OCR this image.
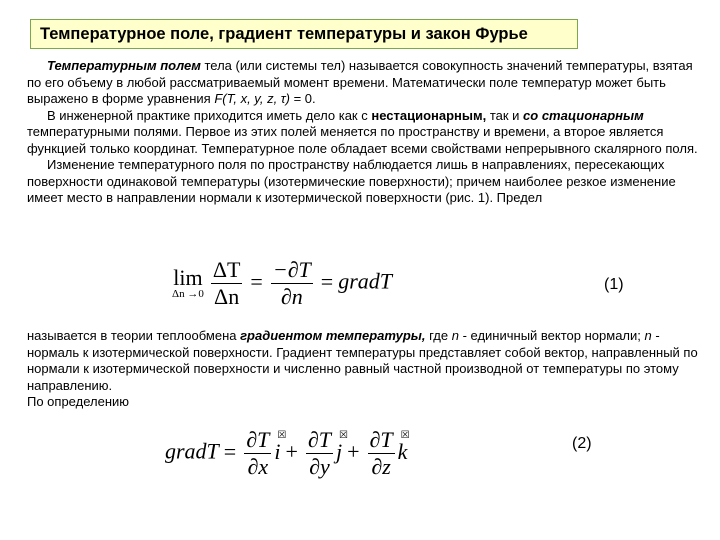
Температурное поле, градиент температуры и закон Фурье

Температурным полем тела (или системы тел) называется совокупность значений температуры, взятая по его объему в любой рассматриваемый момент времени. Математически поле температур может быть выражено в форме уравнения F(T, x, y, z, τ) = 0.

В инженерной практике приходится иметь дело как с нестационарным, так и со стационарным температурными полями. Первое из этих полей меняется по пространству и времени, а второе является функцией только координат. Температурное поле обладает всеми свойствами непрерывного скалярного поля.

Изменение температурного поля по пространству наблюдается лишь в направлениях, пересекающих поверхности одинаковой температуры (изотермические поверхности); причем наиболее резкое изменение имеет место в направлении нормали к изотермической поверхности (рис. 1). Предел

lim
$\Delta n \to 0 \frac{\Delta T}{\Delta n} = \frac{-\partial T}{\partial n}$ = gradT	(1)

называется в теории теплообмена градиентом температуры, где n - единичный вектор нормали; n - нормаль к изотермической поверхности. Градиент температуры представляет собой вектор, направленный по нормали к изотермической поверхности и численно равный частной производной от температуры по этому направлению.

По определению

gradT = $\frac{\partial T}{\partial x}$ ☒
$i + \frac{\partial T}{\partial y}$ ☒
$j + \frac{\partial T}{\partial z}$ ☒
k	(2)
